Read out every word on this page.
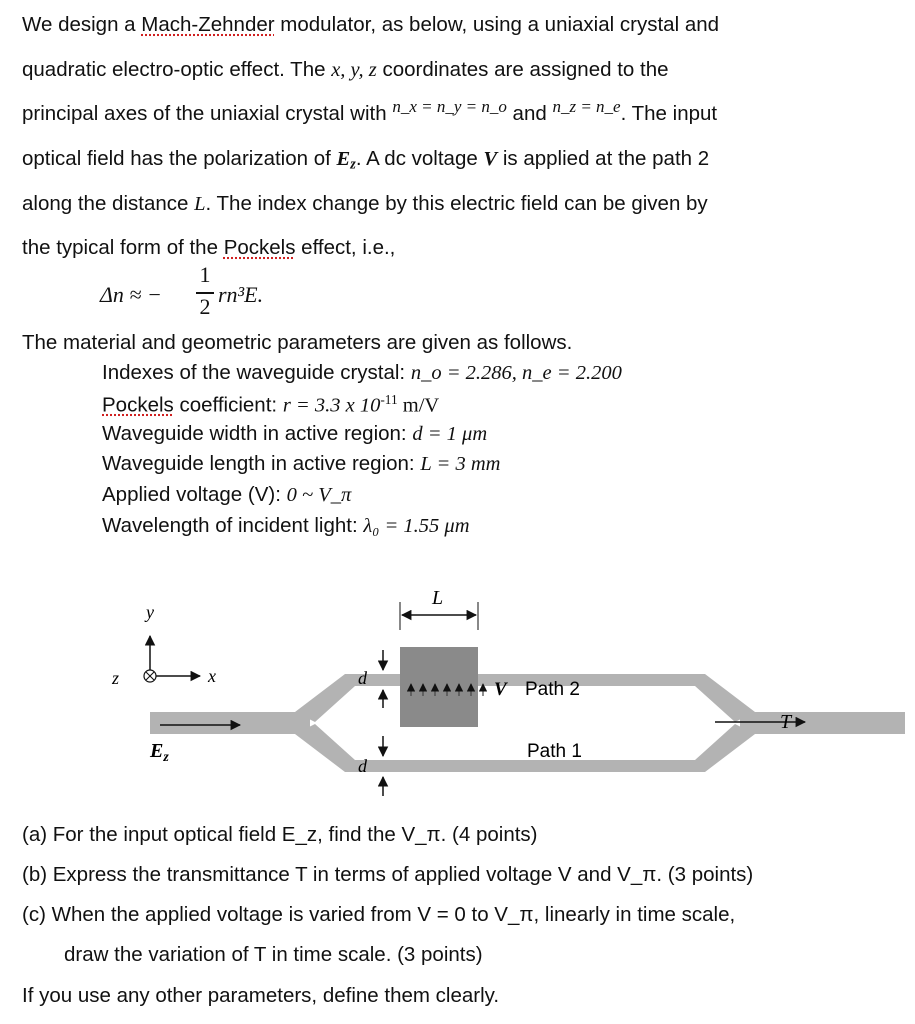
We design a Mach-Zehnder modulator, as below, using a uniaxial crystal and
quadratic electro-optic effect. The x, y, z coordinates are assigned to the
principal axes of the uniaxial crystal with $^{n\_x = n\_y = n\_o}$ and $^{n\_z = n\_e}$. The input
optical field has the polarization of $E_z$. A dc voltage V is applied at the path 2
along the distance L. The index change by this electric field can be given by
the typical form of the Pockels effect, i.e.,
Δn ≈ −
1
2 rn³E.
The material and geometric parameters are given as follows.
Indexes of the waveguide crystal: n_o = 2.286, n_e = 2.200
Pockels coefficient: r = 3.3 x $10^{-11}$ m/V
Waveguide width in active region: d = 1 μm
Waveguide length in active region: L = 3 mm
Applied voltage (V): 0 ~ V_π
Wavelength of incident light: λ₀ = 1.55 μm
L
d
d
V Path 2
Path 1
$E_z$
T
y
x
z
(a) For the input optical field E_z, find the V_π. (4 points)
(b) Express the transmittance T in terms of applied voltage V and V_π. (3 points)
(c) When the applied voltage is varied from V = 0 to V_π, linearly in time scale,
draw the variation of T in time scale. (3 points)
If you use any other parameters, define them clearly.
